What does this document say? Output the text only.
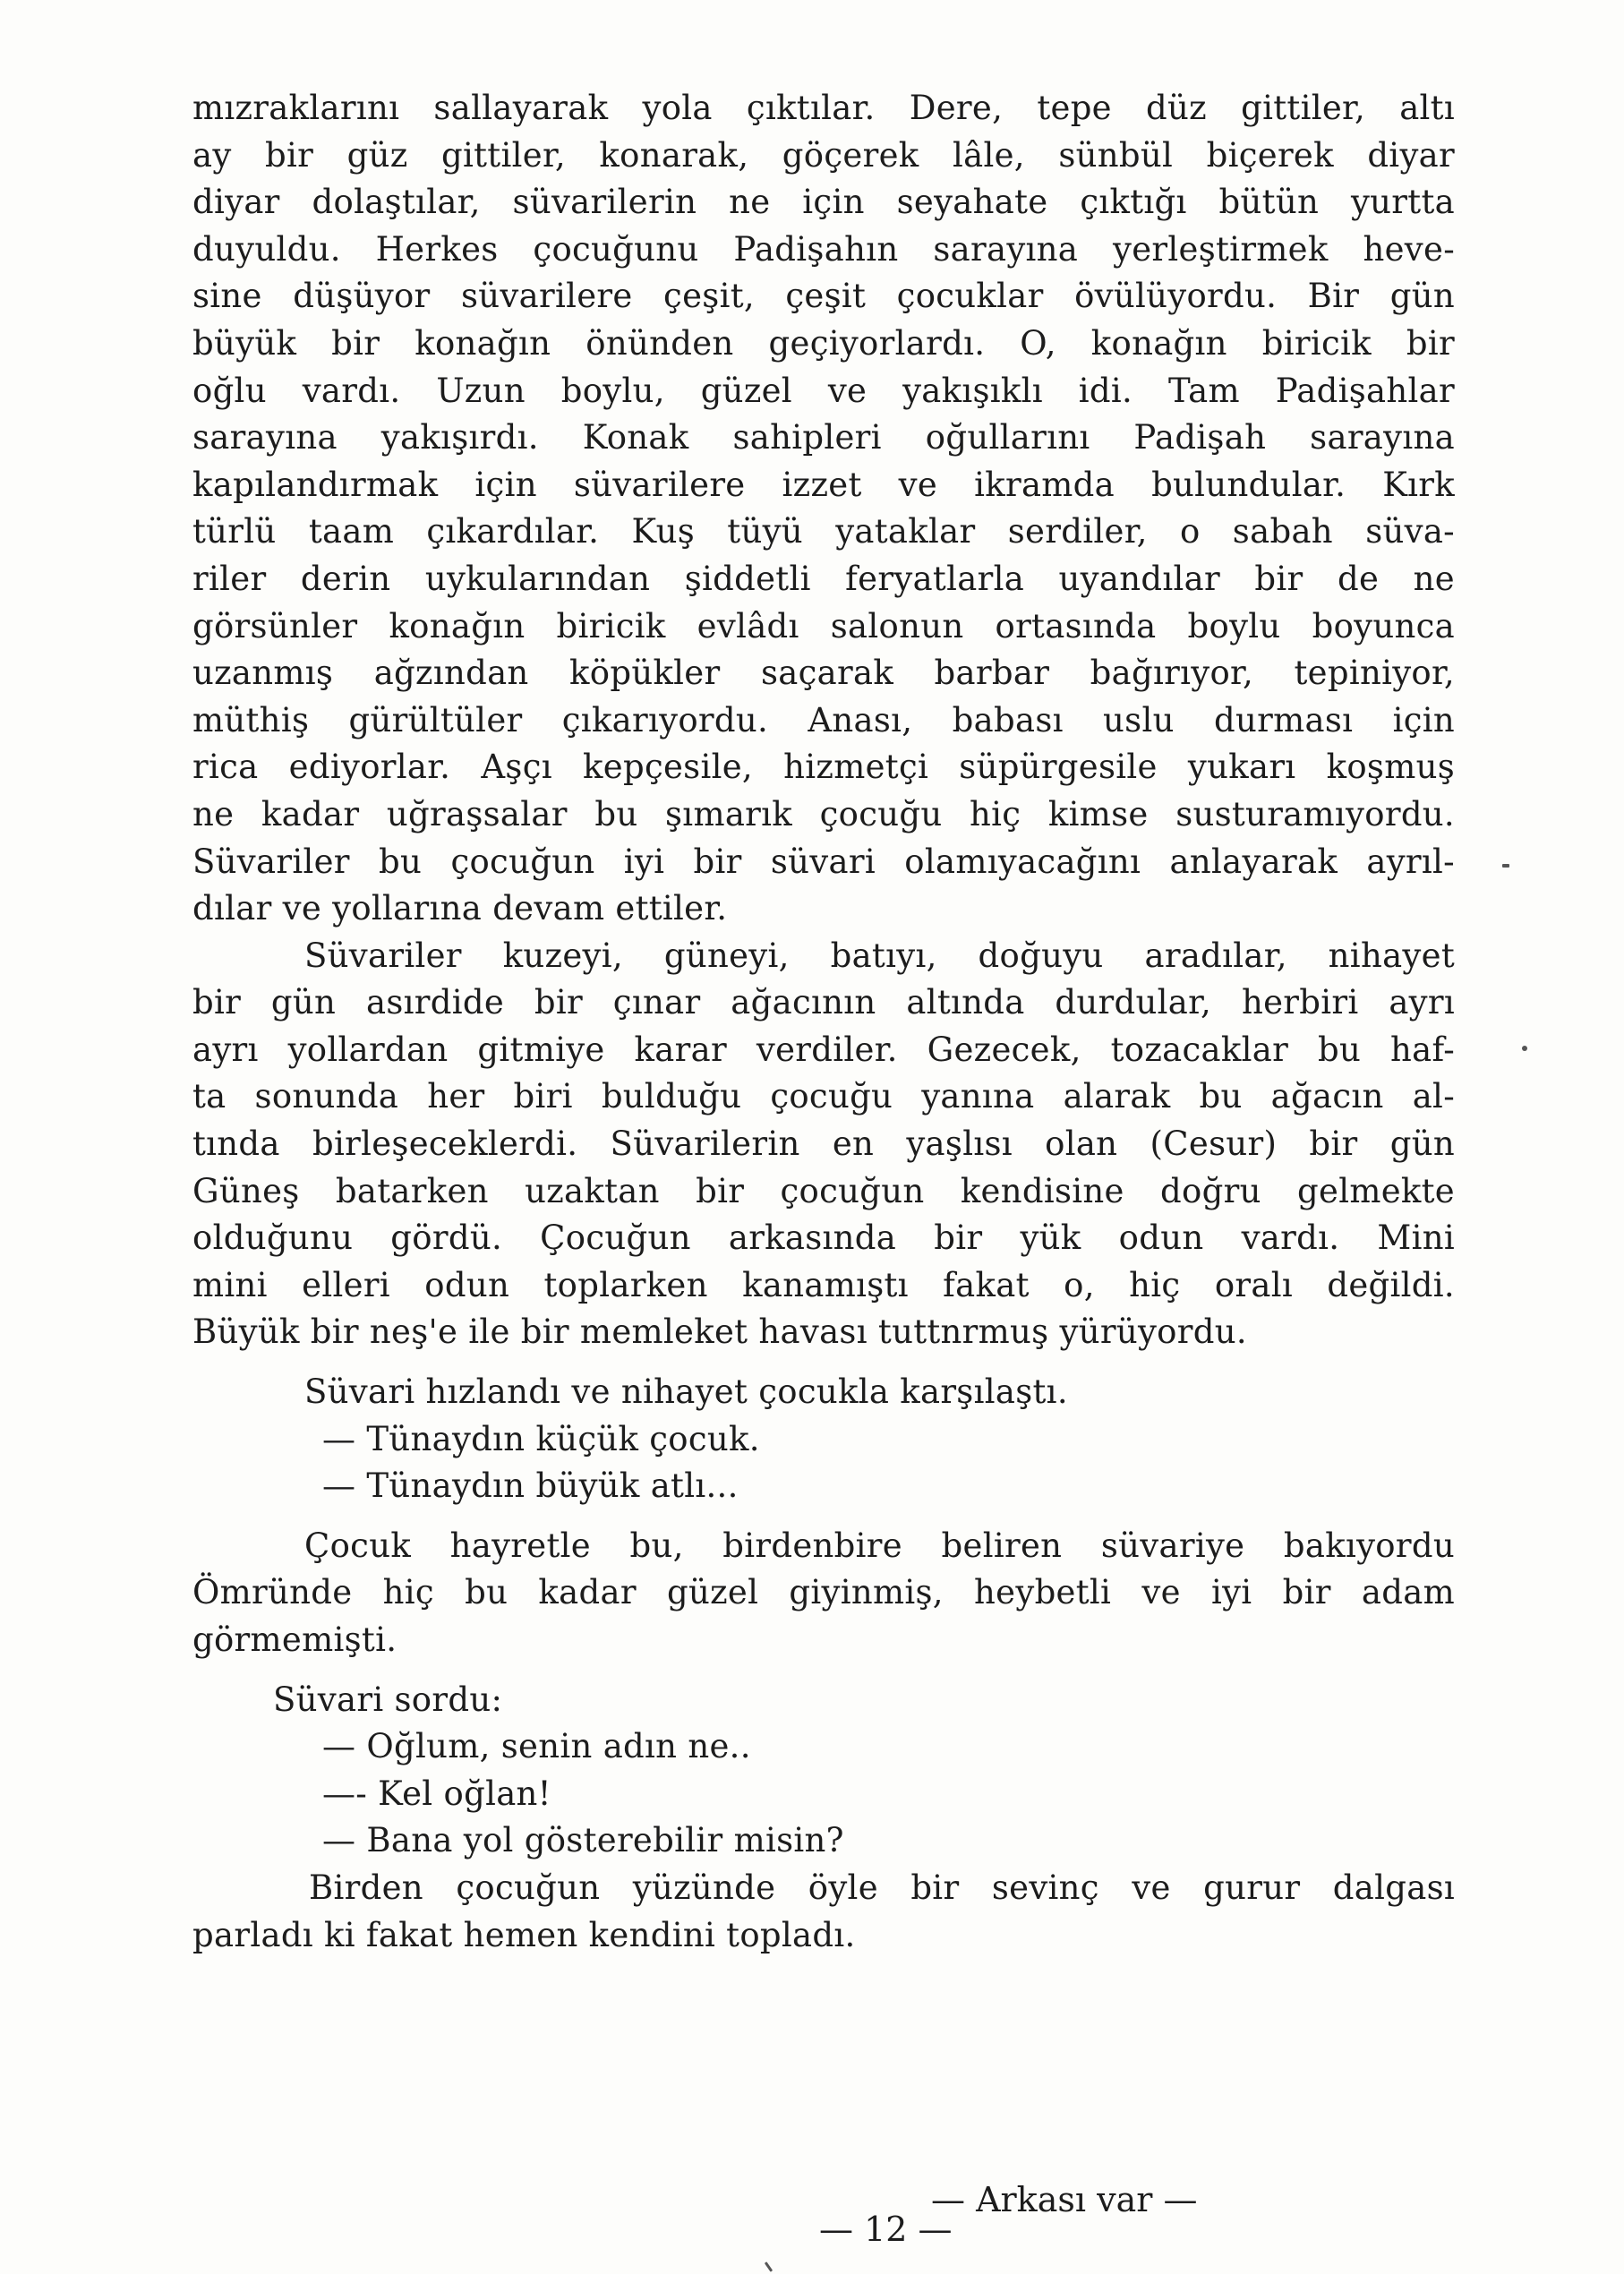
mızraklarını sallayarak yola çıktılar. Dere, tepe düz gittiler, altı
ay bir güz gittiler, konarak, göçerek lâle, sünbül biçerek diyar
diyar dolaştılar, süvarilerin ne için seyahate çıktığı bütün yurtta
duyuldu. Herkes çocuğunu Padişahın sarayına yerleştirmek heve-
sine düşüyor süvarilere çeşit, çeşit çocuklar övülüyordu. Bir gün
büyük bir konağın önünden geçiyorlardı. O, konağın biricik bir
oğlu vardı. Uzun boylu, güzel ve yakışıklı idi. Tam Padişahlar
sarayına yakışırdı. Konak sahipleri oğullarını Padişah sarayına
kapılandırmak için süvarilere izzet ve ikramda bulundular. Kırk
türlü taam çıkardılar. Kuş tüyü yataklar serdiler, o sabah süva-
riler derin uykularından şiddetli feryatlarla uyandılar bir de ne
görsünler konağın biricik evlâdı salonun ortasında boylu boyunca
uzanmış ağzından köpükler saçarak barbar bağırıyor, tepiniyor,
müthiş gürültüler çıkarıyordu. Anası, babası uslu durması için
rica ediyorlar. Aşçı kepçesile, hizmetçi süpürgesile yukarı koşmuş
ne kadar uğraşsalar bu şımarık çocuğu hiç kimse susturamıyordu.
Süvariler bu çocuğun iyi bir süvari olamıyacağını anlayarak ayrıl-
dılar ve yollarına devam ettiler.
Süvariler kuzeyi, güneyi, batıyı, doğuyu aradılar, nihayet
bir gün asırdide bir çınar ağacının altında durdular, herbiri ayrı
ayrı yollardan gitmiye karar verdiler. Gezecek, tozacaklar bu haf-
ta sonunda her biri bulduğu çocuğu yanına alarak bu ağacın al-
tında birleşeceklerdi. Süvarilerin en yaşlısı olan (Cesur) bir gün
Güneş batarken uzaktan bir çocuğun kendisine doğru gelmekte
olduğunu gördü. Çocuğun arkasında bir yük odun vardı. Mini
mini elleri odun toplarken kanamıştı fakat o, hiç oralı değildi.
Büyük bir neş'e ile bir memleket havası tuttnrmuş yürüyordu.
Süvari hızlandı ve nihayet çocukla karşılaştı.
— Tünaydın küçük çocuk.
— Tünaydın büyük atlı...
Çocuk hayretle bu, birdenbire beliren süvariye bakıyordu
Ömründe hiç bu kadar güzel giyinmiş, heybetli ve iyi bir adam
görmemişti.
Süvari sordu:
— Oğlum, senin adın ne..
—- Kel oğlan!
— Bana yol gösterebilir misin?
Birden çocuğun yüzünde öyle bir sevinç ve gurur dalgası
parladı ki fakat hemen kendini topladı.
— Arkası var —
— 12 —
